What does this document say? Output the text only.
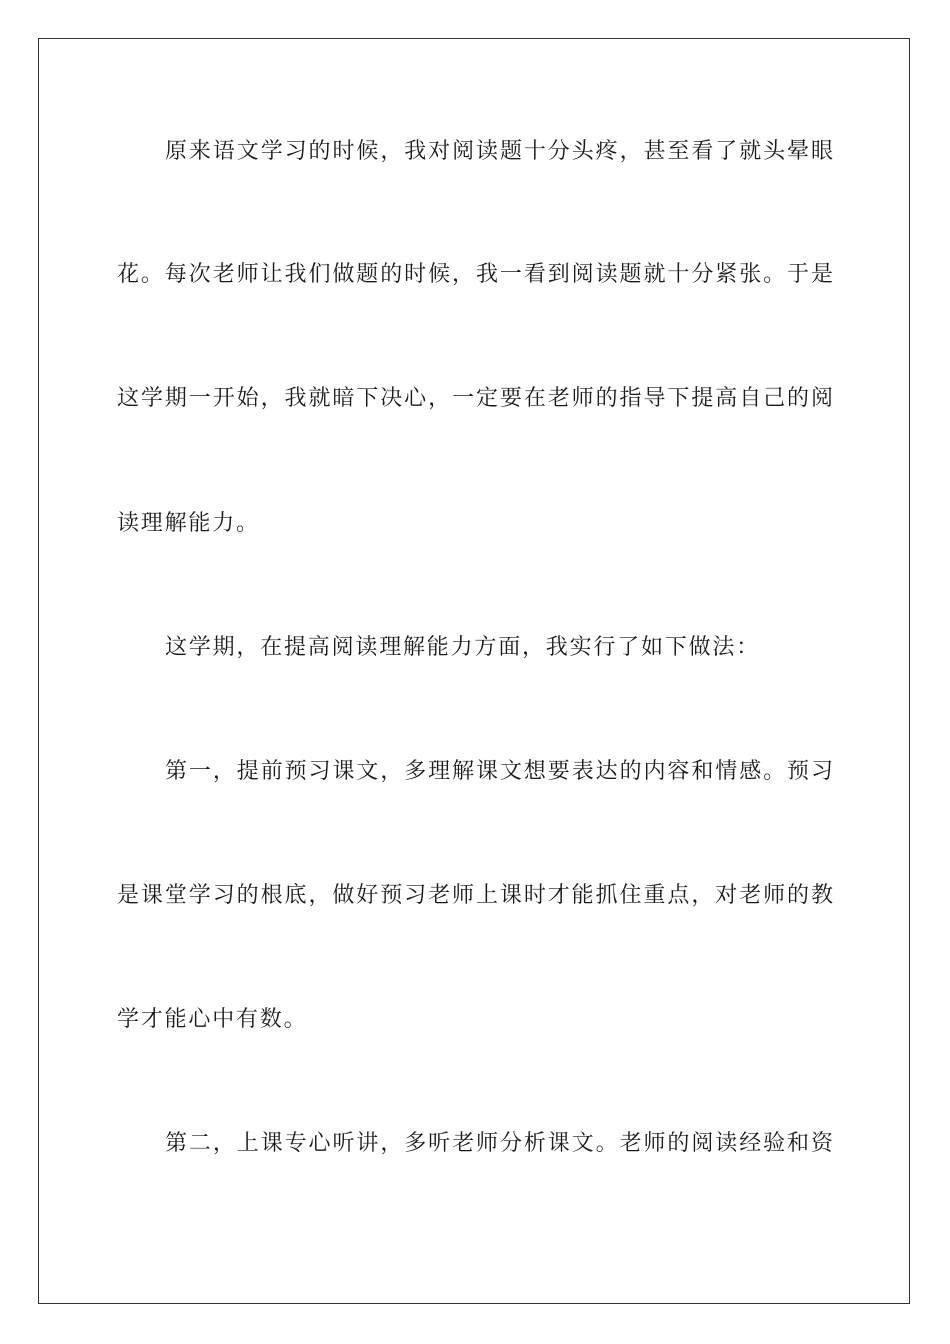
原来语文学习的时候，我对阅读题十分头疼，甚至看了就头晕眼
花。每次老师让我们做题的时候，我一看到阅读题就十分紧张。于是
这学期一开始，我就暗下决心，一定要在老师的指导下提高自己的阅
读理解能力。
这学期，在提高阅读理解能力方面，我实行了如下做法：
第一，提前预习课文，多理解课文想要表达的内容和情感。预习
是课堂学习的根底，做好预习老师上课时才能抓住重点，对老师的教
学才能心中有数。
第二，上课专心听讲，多听老师分析课文。老师的阅读经验和资
